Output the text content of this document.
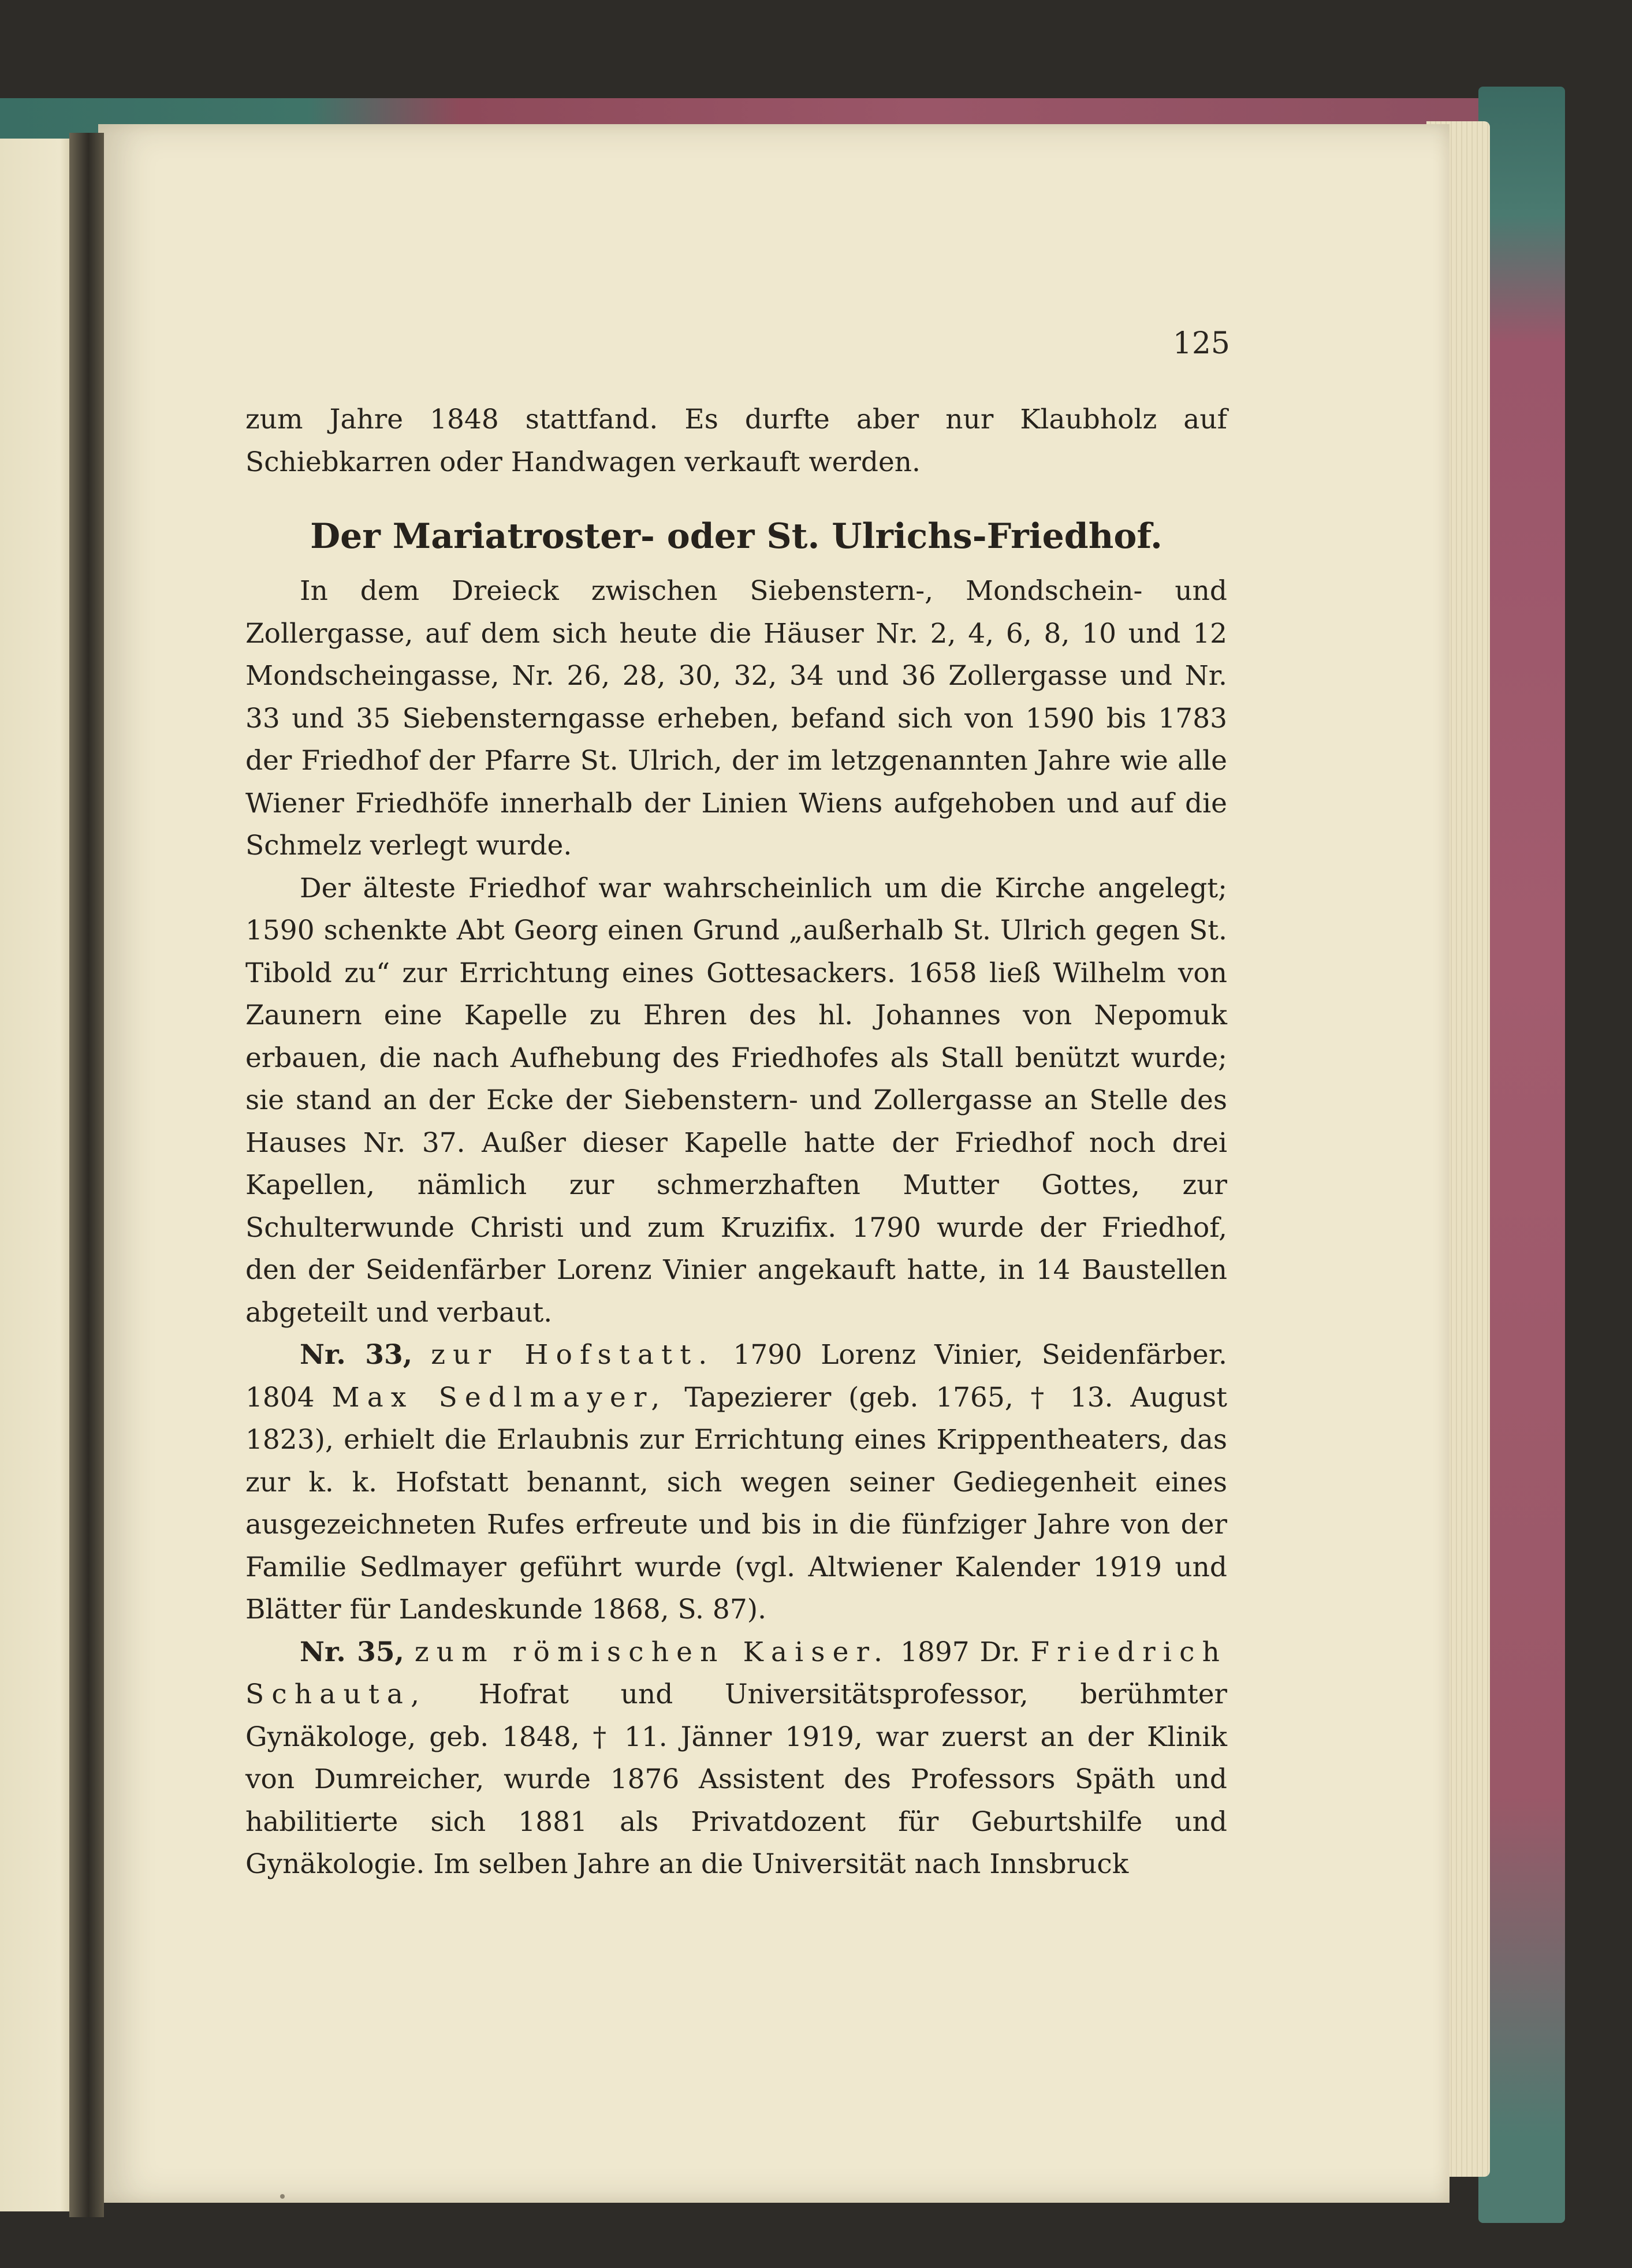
125

zum Jahre 1848 stattfand. Es durfte aber nur Klaubholz auf Schiebkarren oder Handwagen verkauft werden.

Der Mariatroster- oder St. Ulrichs-Friedhof.

In dem Dreieck zwischen Siebenstern-, Mondschein- und Zollergasse, auf dem sich heute die Häuser Nr. 2, 4, 6, 8, 10 und 12 Mondscheingasse, Nr. 26, 28, 30, 32, 34 und 36 Zollergasse und Nr. 33 und 35 Siebensterngasse erheben, befand sich von 1590 bis 1783 der Friedhof der Pfarre St. Ulrich, der im letzgenannten Jahre wie alle Wiener Friedhöfe innerhalb der Linien Wiens aufgehoben und auf die Schmelz verlegt wurde.

Der älteste Friedhof war wahrscheinlich um die Kirche angelegt; 1590 schenkte Abt Georg einen Grund „außerhalb St. Ulrich gegen St. Tibold zu“ zur Errichtung eines Gottesackers. 1658 ließ Wilhelm von Zaunern eine Kapelle zu Ehren des hl. Johannes von Nepomuk erbauen, die nach Aufhebung des Friedhofes als Stall benützt wurde; sie stand an der Ecke der Siebenstern- und Zollergasse an Stelle des Hauses Nr. 37. Außer dieser Kapelle hatte der Friedhof noch drei Kapellen, nämlich zur schmerzhaften Mutter Gottes, zur Schulterwunde Christi und zum Kruzifix. 1790 wurde der Friedhof, den der Seidenfärber Lorenz Vinier angekauft hatte, in 14 Baustellen abgeteilt und verbaut.

Nr. 33, zur Hofstatt. 1790 Lorenz Vinier, Seidenfärber. 1804 Max Sedlmayer, Tapezierer (geb. 1765, † 13. August 1823), erhielt die Erlaubnis zur Errichtung eines Krippentheaters, das zur k. k. Hofstatt benannt, sich wegen seiner Gediegenheit eines ausgezeichneten Rufes erfreute und bis in die fünfziger Jahre von der Familie Sedlmayer geführt wurde (vgl. Altwiener Kalender 1919 und Blätter für Landeskunde 1868, S. 87).

Nr. 35, zum römischen Kaiser. 1897 Dr. Friedrich Schauta, Hofrat und Universitätsprofessor, berühmter Gynäkologe, geb. 1848, † 11. Jänner 1919, war zuerst an der Klinik von Dumreicher, wurde 1876 Assistent des Professors Späth und habilitierte sich 1881 als Privatdozent für Geburtshilfe und Gynäkologie. Im selben Jahre an die Universität nach Innsbruck
